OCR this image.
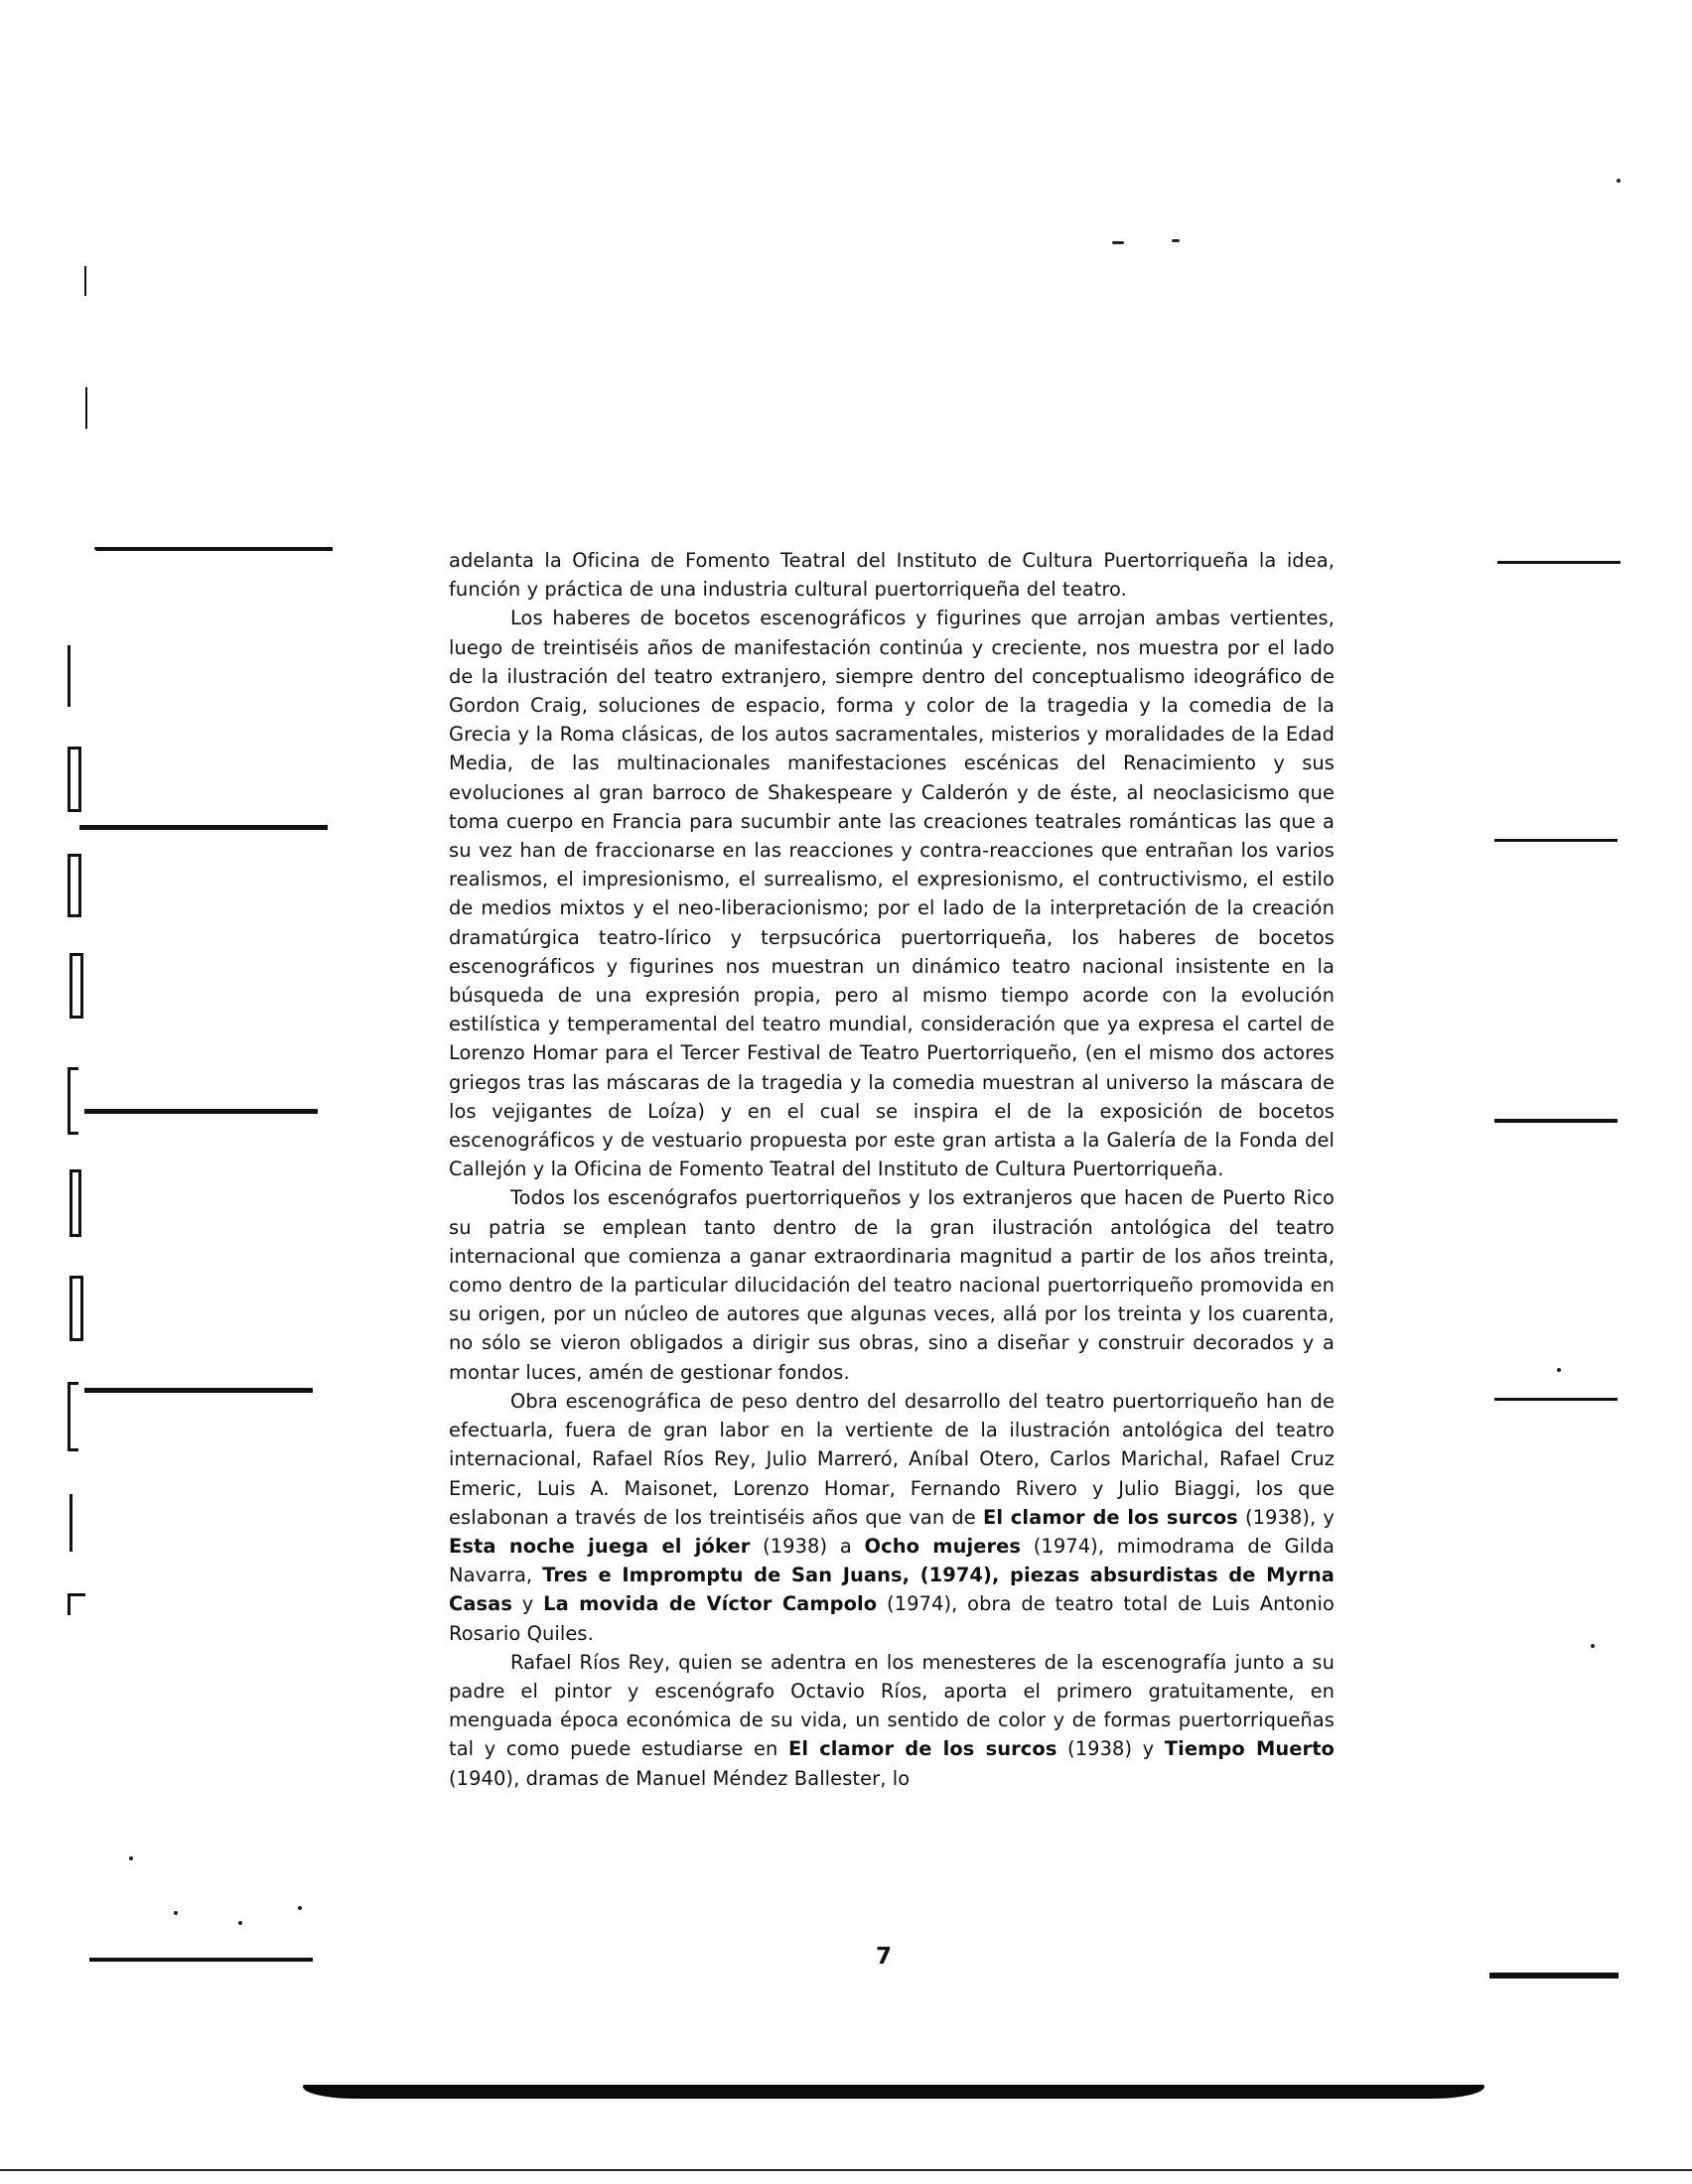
adelanta la Oficina de Fomento Teatral del Instituto de Cultura Puertorriqueña la idea, función y práctica de una industria cultural puertorriqueña del teatro.

Los haberes de bocetos escenográficos y figurines que arrojan ambas vertientes, luego de treintiséis años de manifestación continúa y creciente, nos muestra por el lado de la ilustración del teatro extranjero, siempre dentro del conceptualismo ideográfico de Gordon Craig, soluciones de espacio, forma y color de la tragedia y la comedia de la Grecia y la Roma clásicas, de los autos sacramentales, misterios y moralidades de la Edad Media, de las multinacionales manifestaciones escénicas del Renacimiento y sus evoluciones al gran barroco de Shakespeare y Calderón y de éste, al neoclasicismo que toma cuerpo en Francia para sucumbir ante las creaciones teatrales románticas las que a su vez han de fraccionarse en las reacciones y contra-reacciones que entrañan los varios realismos, el impresionismo, el surrealismo, el expresionismo, el contructivismo, el estilo de medios mixtos y el neo-liberacionismo; por el lado de la interpretación de la creación dramatúrgica teatro-lírico y terpsucórica puertorriqueña, los haberes de bocetos escenográficos y figurines nos muestran un dinámico teatro nacional insistente en la búsqueda de una expresión propia, pero al mismo tiempo acorde con la evolución estilística y temperamental del teatro mundial, consideración que ya expresa el cartel de Lorenzo Homar para el Tercer Festival de Teatro Puertorriqueño, (en el mismo dos actores griegos tras las máscaras de la tragedia y la comedia muestran al universo la máscara de los vejigantes de Loíza) y en el cual se inspira el de la exposición de bocetos escenográficos y de vestuario propuesta por este gran artista a la Galería de la Fonda del Callejón y la Oficina de Fomento Teatral del Instituto de Cultura Puertorriqueña.

Todos los escenógrafos puertorriqueños y los extranjeros que hacen de Puerto Rico su patria se emplean tanto dentro de la gran ilustración antológica del teatro internacional que comienza a ganar extraordinaria magnitud a partir de los años treinta, como dentro de la particular dilucidación del teatro nacional puertorriqueño promovida en su origen, por un núcleo de autores que algunas veces, allá por los treinta y los cuarenta, no sólo se vieron obligados a dirigir sus obras, sino a diseñar y construir decorados y a montar luces, amén de gestionar fondos.

Obra escenográfica de peso dentro del desarrollo del teatro puertorriqueño han de efectuarla, fuera de gran labor en la vertiente de la ilustración antológica del teatro internacional, Rafael Ríos Rey, Julio Marreró, Aníbal Otero, Carlos Marichal, Rafael Cruz Emeric, Luis A. Maisonet, Lorenzo Homar, Fernando Rivero y Julio Biaggi, los que eslabonan a través de los treintiséis años que van de El clamor de los surcos (1938), y Esta noche juega el jóker (1938) a Ocho mujeres (1974), mimodrama de Gilda Navarra, Tres e Impromptu de San Juans, (1974), piezas absurdistas de Myrna Casas y La movida de Víctor Campolo (1974), obra de teatro total de Luis Antonio Rosario Quiles.

Rafael Ríos Rey, quien se adentra en los menesteres de la escenografía junto a su padre el pintor y escenógrafo Octavio Ríos, aporta el primero gratuitamente, en menguada época económica de su vida, un sentido de color y de formas puertorriqueñas tal y como puede estudiarse en El clamor de los surcos (1938) y Tiempo Muerto (1940), dramas de Manuel Méndez Ballester, lo

7
